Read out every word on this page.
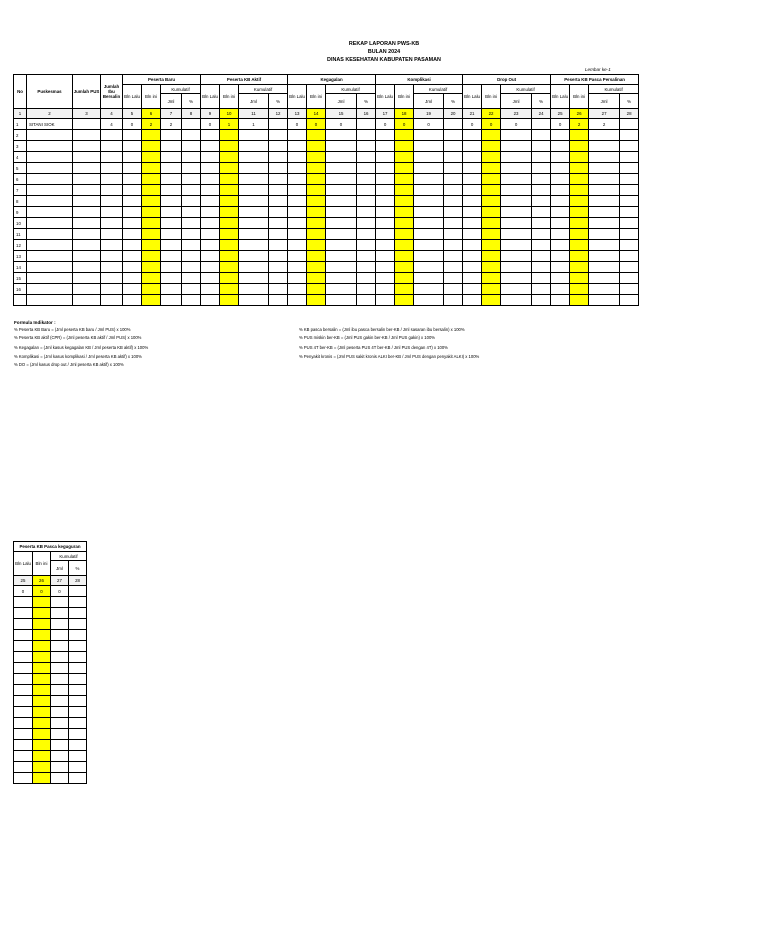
REKAP LAPORAN PWS-KB
BULAN 2024
DINAS KESEHATAN KABUPATEN PASAMAN
Lembar ke-1
No	Puskesmas	Jumlah PUS	Jumlah Ibu Bersalin	Peserta Baru				Peserta KB Aktif				Kegagalan				Komplikasi				Drop Out				Peserta KB Pasca Persalinan			
				Bln Lalu	Bln ini	Kumulatif		Bln Lalu	Bln ini	Kumulatif		Bln Lalu	Bln ini	Kumulatif		Bln Lalu	Bln ini	Kumulatif		Bln Lalu	Bln ini	Kumulatif		Bln Lalu	Bln ini	Kumulatif	
						Jml	%			Jml	%			Jml	%			Jml	%			Jml	%			Jml	%
1	2	3	4	5	6	7	8	9	10	11	12	13	14	15	16	17	18	19	20	21	22	23	24	25	26	27	28
1	SITANI SIOK		4	0	2	2		0	1	1		0	0	0		0	0	0		0	0	0		0	2	2	
2																											
3																											
4																											
5																											
6																											
7																											
8																											
9																											
10																											
11																											
12																											
13																											
14																											
15																											
16																											

Formula Indikator :
% Peserta KB Baru = (Jml peserta KB baru / Jml PUS) x 100%
% Peserta KB aktif (CPR) = (Jml peserta KB aktif / Jml PUS) x 100%
% Kegagalan = (Jml kasus kegagalan KB / Jml peserta KB aktif) x 100%
% Komplikasi = (Jml kasus komplikasi / Jml peserta KB aktif) x 100%
% DO = (Jml kasus drop out / Jml peserta KB aktif) x 100%
% KB pasca bersalin = (Jml ibu pasca bersalin ber-KB / Jml sasaran ibu bersalin) x 100%
% PUS miskin ber-KB = (Jml PUS gakin ber-KB / Jml PUS gakin) x 100%
% PUS 4T ber-KB = (Jml peserta PUS 4T ber-KB / Jml PUS dengan 4T) x 100%
% Penyakit kronis = (Jml PUS sakit kronis ALKI ber-KB / Jml PUS dengan penyakit ALKI) x 100%
Peserta KB Pasca keguguran			
Bln Lalu	Bln ini	Kumulatif	
		Jml	%
25	26	27	28
0	0	0	
